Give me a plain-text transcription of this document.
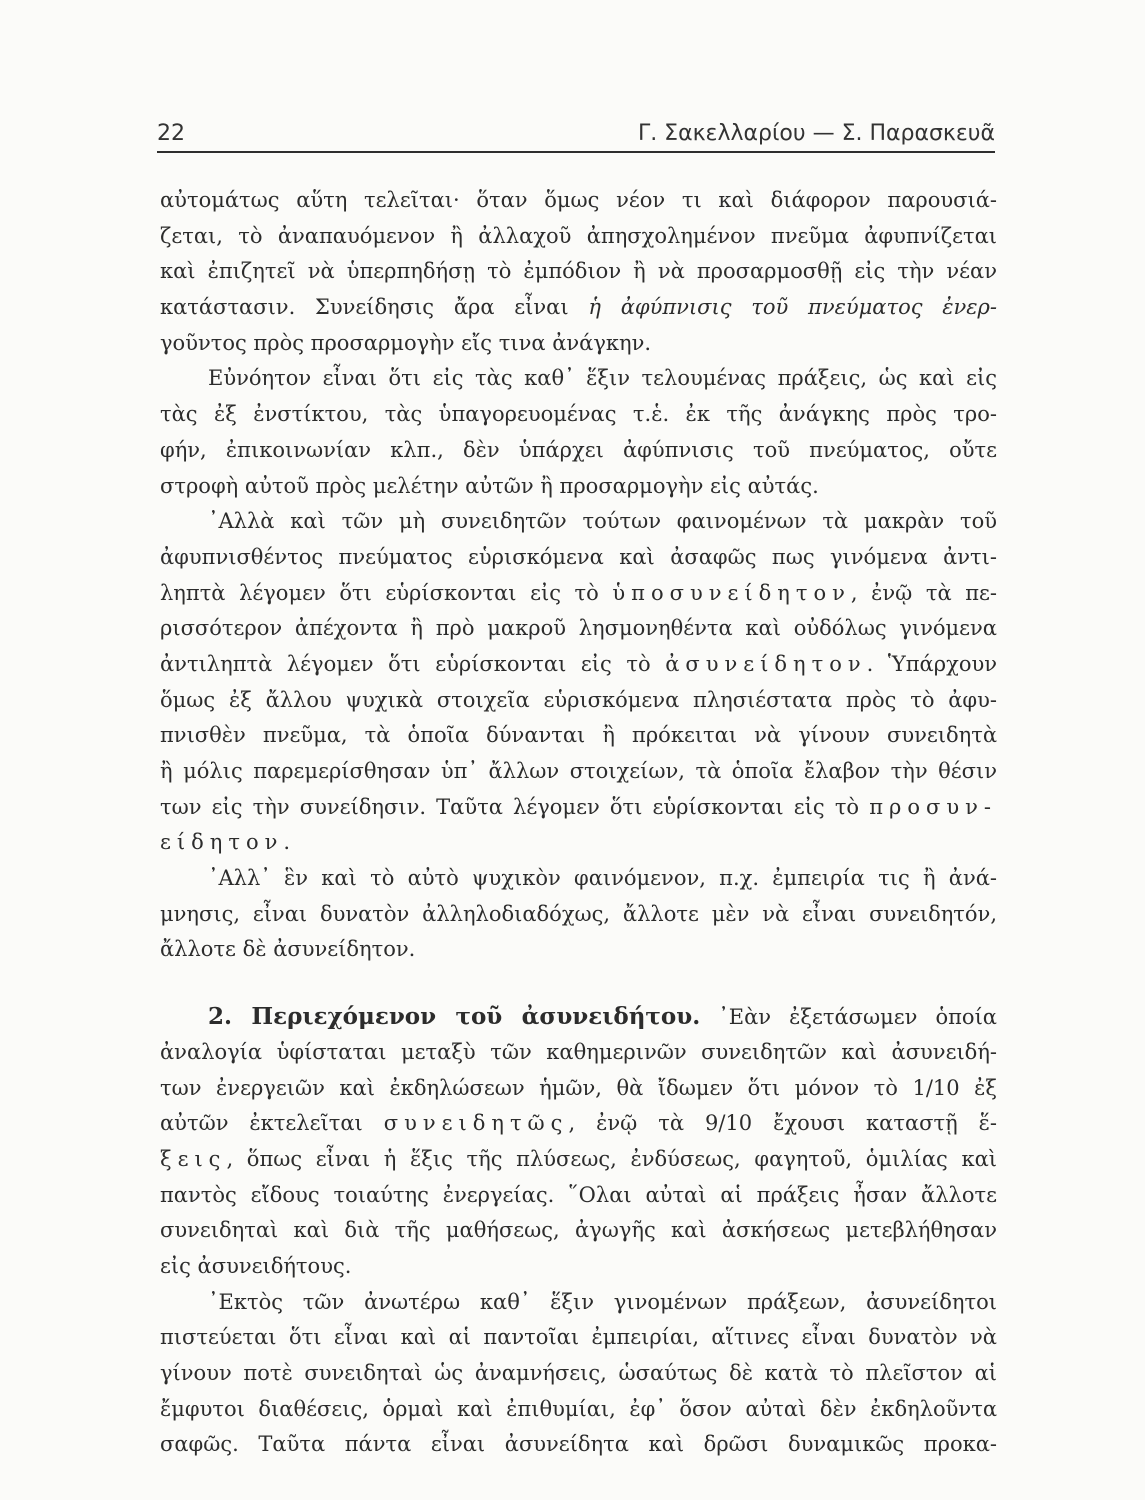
22	Γ. Σακελλαρίου — Σ. Παρασκευᾶ
αὐτομάτως αὕτη τελεῖται· ὅταν ὅμως νέον τι καὶ διάφορον παρουσιά-
ζεται, τὸ ἀναπαυόμενον ἢ ἀλλαχοῦ ἀπησχολημένον πνεῦμα ἀφυπνίζεται
καὶ ἐπιζητεῖ νὰ ὑπερπηδήσῃ τὸ ἐμπόδιον ἢ νὰ προσαρμοσθῇ εἰς τὴν νέαν
κατάστασιν. Συνείδησις ἄρα εἶναι ἡ ἀφύπνισις τοῦ πνεύματος ἐνερ-
γοῦντος πρὸς προσαρμογὴν εἴς τινα ἀνάγκην.
Εὐνόητον εἶναι ὅτι εἰς τὰς καθ᾽ ἕξιν τελουμένας πράξεις, ὡς καὶ εἰς
τὰς ἐξ ἐνστίκτου, τὰς ὑπαγορευομένας τ.ἑ. ἐκ τῆς ἀνάγκης πρὸς τρο-
φήν, ἐπικοινωνίαν κλπ., δὲν ὑπάρχει ἀφύπνισις τοῦ πνεύματος, οὔτε
στροφὴ αὐτοῦ πρὸς μελέτην αὐτῶν ἢ προσαρμογὴν εἰς αὐτάς.
᾽Αλλὰ καὶ τῶν μὴ συνειδητῶν τούτων φαινομένων τὰ μακρὰν τοῦ
ἀφυπνισθέντος πνεύματος εὑρισκόμενα καὶ ἀσαφῶς πως γινόμενα ἀντι-
ληπτὰ λέγομεν ὅτι εὑρίσκονται εἰς τὸ ὑποσυνείδητον, ἐνῷ τὰ πε-
ρισσότερον ἀπέχοντα ἢ πρὸ μακροῦ λησμονηθέντα καὶ οὐδόλως γινόμενα
ἀντιληπτὰ λέγομεν ὅτι εὑρίσκονται εἰς τὸ ἀσυνείδητον. Ὑπάρχουν
ὅμως ἐξ ἄλλου ψυχικὰ στοιχεῖα εὑρισκόμενα πλησιέστατα πρὸς τὸ ἀφυ-
πνισθὲν πνεῦμα, τὰ ὁποῖα δύνανται ἢ πρόκειται νὰ γίνουν συνειδητὰ
ἢ μόλις παρεμερίσθησαν ὑπ᾽ ἄλλων στοιχείων, τὰ ὁποῖα ἔλαβον τὴν θέσιν
των εἰς τὴν συνείδησιν. Ταῦτα λέγομεν ὅτι εὑρίσκονται εἰς τὸ προσυν-
είδητον.
᾽Αλλ᾽ ἓν καὶ τὸ αὐτὸ ψυχικὸν φαινόμενον, π.χ. ἐμπειρία τις ἢ ἀνά-
μνησις, εἶναι δυνατὸν ἀλληλοδιαδόχως, ἄλλοτε μὲν νὰ εἶναι συνειδητόν,
ἄλλοτε δὲ ἀσυνείδητον.
2. Περιεχόμενον τοῦ ἀσυνειδήτου. ᾽Εὰν ἐξετάσωμεν ὁποία
ἀναλογία ὑφίσταται μεταξὺ τῶν καθημερινῶν συνειδητῶν καὶ ἀσυνειδή-
των ἐνεργειῶν καὶ ἐκδηλώσεων ἡμῶν, θὰ ἴδωμεν ὅτι μόνον τὸ 1/10 ἐξ
αὐτῶν ἐκτελεῖται συνειδητῶς, ἐνῷ τὰ 9/10 ἔχουσι καταστῇ ἕ-
ξεις, ὅπως εἶναι ἡ ἕξις τῆς πλύσεως, ἐνδύσεως, φαγητοῦ, ὁμιλίας καὶ
παντὸς εἴδους τοιαύτης ἐνεργείας. ῞Ολαι αὐταὶ αἱ πράξεις ἦσαν ἄλλοτε
συνειδηταὶ καὶ διὰ τῆς μαθήσεως, ἀγωγῆς καὶ ἀσκήσεως μετεβλήθησαν
εἰς ἀσυνειδήτους.
᾽Εκτὸς τῶν ἀνωτέρω καθ᾽ ἕξιν γινομένων πράξεων, ἀσυνείδητοι
πιστεύεται ὅτι εἶναι καὶ αἱ παντοῖαι ἐμπειρίαι, αἵτινες εἶναι δυνατὸν νὰ
γίνουν ποτὲ συνειδηταὶ ὡς ἀναμνήσεις, ὡσαύτως δὲ κατὰ τὸ πλεῖστον αἱ
ἔμφυτοι διαθέσεις, ὁρμαὶ καὶ ἐπιθυμίαι, ἐφ᾽ ὅσον αὐταὶ δὲν ἐκδηλοῦντα
σαφῶς. Ταῦτα πάντα εἶναι ἀσυνείδητα καὶ δρῶσι δυναμικῶς προκα-
